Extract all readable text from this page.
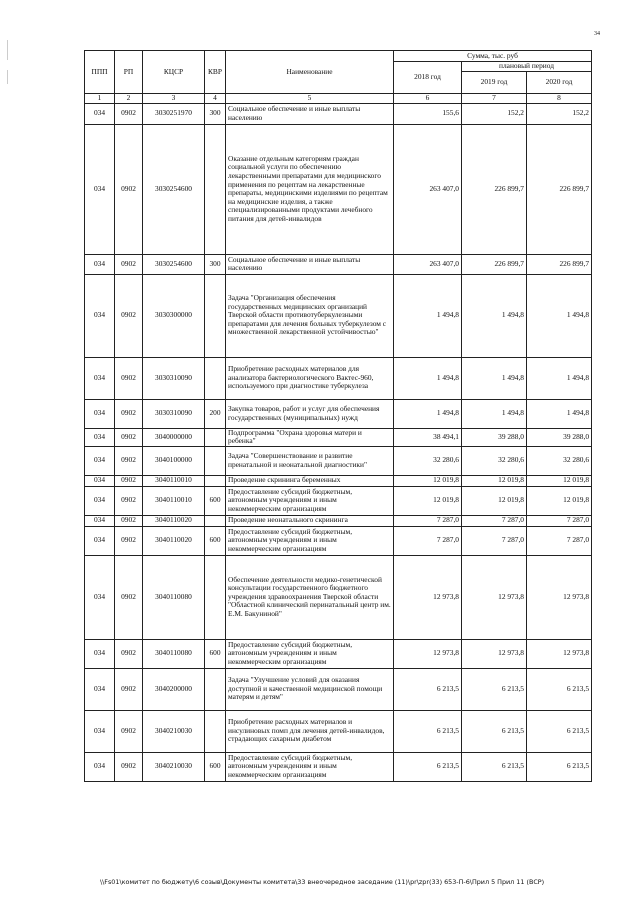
34
ППП	РП	КЦСР	КВР	Наименование	Сумма, тыс. руб		
					2018 год	плановый период	
						2019 год	2020 год
1	2	3	4	5	6	7	8
034	0902	3030251970	300	Социальное обеспечение и иные выплаты населению	155,6	152,2	152,2
034	0902	3030254600		Оказание отдельным категориям граждан социальной услуги по обеспечению лекарственными препаратами для медицинского применения по рецептам на лекарственные препараты, медицинскими изделиями по рецептам на медицинские изделия, а также специализированными продуктами лечебного питания для детей-инвалидов	263 407,0	226 899,7	226 899,7
034	0902	3030254600	300	Социальное обеспечение и иные выплаты населению	263 407,0	226 899,7	226 899,7
034	0902	3030300000		Задача "Организация обеспечения государственных медицинских организаций Тверской области противотуберкулезными препаратами для лечения больных туберкулезом с множественной лекарственной устойчивостью"	1 494,8	1 494,8	1 494,8
034	0902	3030310090		Приобретение расходных материалов для анализатора бактериологического Вактес-960, используемого при диагностике туберкулеза	1 494,8	1 494,8	1 494,8
034	0902	3030310090	200	Закупка товаров, работ и услуг для обеспечения государственных (муниципальных) нужд	1 494,8	1 494,8	1 494,8
034	0902	3040000000		Подпрограмма "Охрана здоровья матери и ребенка"	38 494,1	39 288,0	39 288,0
034	0902	3040100000		Задача "Совершенствование и развитие пренатальной и неонатальной диагностики"	32 280,6	32 280,6	32 280,6
034	0902	3040110010		Проведение скрининга беременных	12 019,8	12 019,8	12 019,8
034	0902	3040110010	600	Предоставление субсидий бюджетным, автономным учреждениям и иным некоммерческим организациям	12 019,8	12 019,8	12 019,8
034	0902	3040110020		Проведение неонатального скрининга	7 287,0	7 287,0	7 287,0
034	0902	3040110020	600	Предоставление субсидий бюджетным, автономным учреждениям и иным некоммерческим организациям	7 287,0	7 287,0	7 287,0
034	0902	3040110080		Обеспечение деятельности медико-генетической консультации государственного бюджетного учреждения здравоохранения Тверской области "Областной клинический перинатальный центр им. Е.М. Бакуниной"	12 973,8	12 973,8	12 973,8
034	0902	3040110080	600	Предоставление субсидий бюджетным, автономным учреждениям и иным некоммерческим организациям	12 973,8	12 973,8	12 973,8
034	0902	3040200000		Задача "Улучшение условий для оказания доступной и качественной медицинской помощи матерям и детям"	6 213,5	6 213,5	6 213,5
034	0902	3040210030		Приобретение расходных материалов и инсулиновых помп для лечения детей-инвалидов, страдающих сахарным диабетом	6 213,5	6 213,5	6 213,5
034	0902	3040210030	600	Предоставление субсидий бюджетным, автономным учреждениям и иным некоммерческим организациям	6 213,5	6 213,5	6 213,5
\\Fs01\комитет по бюджету\6 созыв\Документы комитета\33 внеочередное заседание (11)\pr\zpr(33) 653-П-6\Прил 5 Прил 11 (ВСР)
